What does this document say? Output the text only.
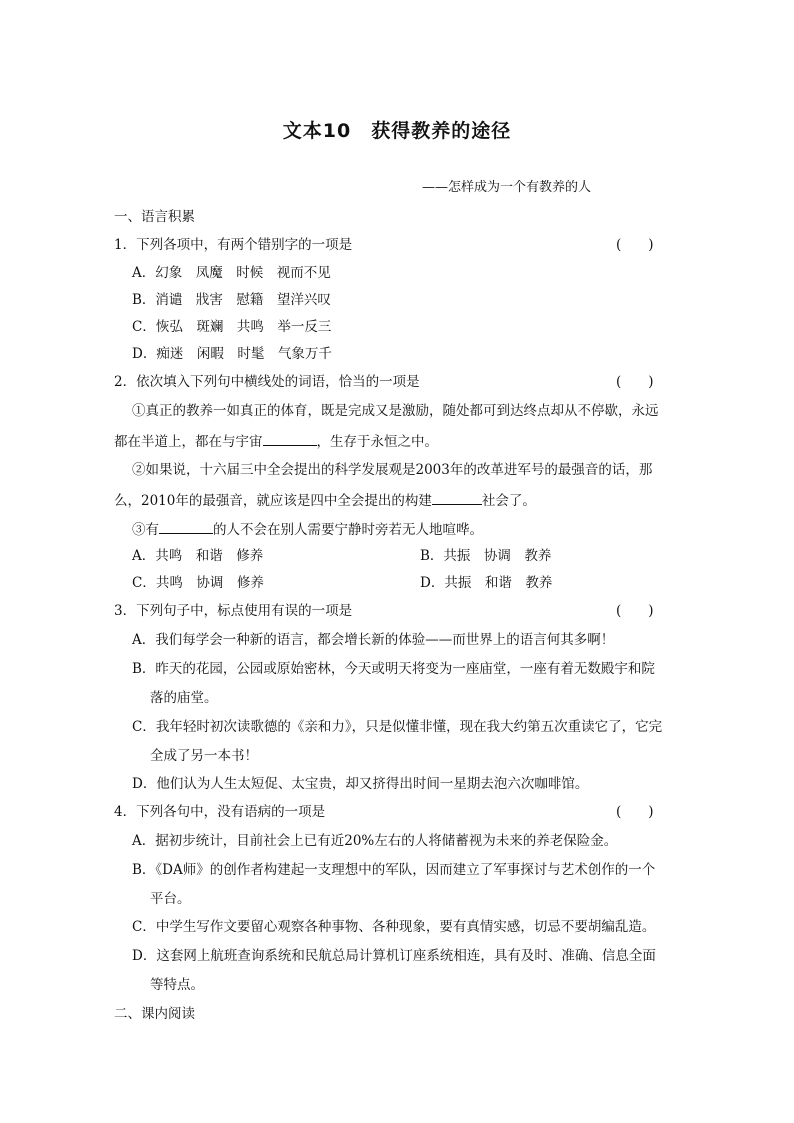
文本10　获得教养的途径
——怎样成为一个有教养的人
一、语言积累
1．下列各项中，有两个错别字的一项是	(　　)
A．幻象　凤魔　时候　视而不见
B．消谴　戕害　慰籍　望洋兴叹
C．恢弘　斑斓　共鸣　举一反三
D．痴迷　闲暇　时髦　气象万千
2．依次填入下列句中横线处的词语，恰当的一项是	(　　)
①真正的教养一如真正的体育，既是完成又是激励，随处都可到达终点却从不停歇，永远
都在半道上，都在与宇宙	，生存于永恒之中。
②如果说，十六届三中全会提出的科学发展观是2003年的改革进军号的最强音的话，那
么，2010年的最强音，就应该是四中全会提出的构建	社会了。
③有	的人不会在别人需要宁静时旁若无人地喧哗。
A．共鸣　和谐　修养	B．共振　协调　教养
C．共鸣　协调　修养	D．共振　和谐　教养
3．下列句子中，标点使用有误的一项是	(　　)
A．我们每学会一种新的语言，都会增长新的体验——而世界上的语言何其多啊！
B．昨天的花园，公园或原始密林，今天或明天将变为一座庙堂，一座有着无数殿宇和院
落的庙堂。
C．我年轻时初次读歌德的《亲和力》，只是似懂非懂，现在我大约第五次重读它了，它完
全成了另一本书！
D．他们认为人生太短促、太宝贵，却又挤得出时间一星期去泡六次咖啡馆。
4．下列各句中，没有语病的一项是	(　　)
A．据初步统计，目前社会上已有近20%左右的人将储蓄视为未来的养老保险金。
B．《DA师》的创作者构建起一支理想中的军队，因而建立了军事探讨与艺术创作的一个
平台。
C．中学生写作文要留心观察各种事物、各种现象，要有真情实感，切忌不要胡编乱造。
D．这套网上航班查询系统和民航总局计算机订座系统相连，具有及时、准确、信息全面
等特点。
二、课内阅读
